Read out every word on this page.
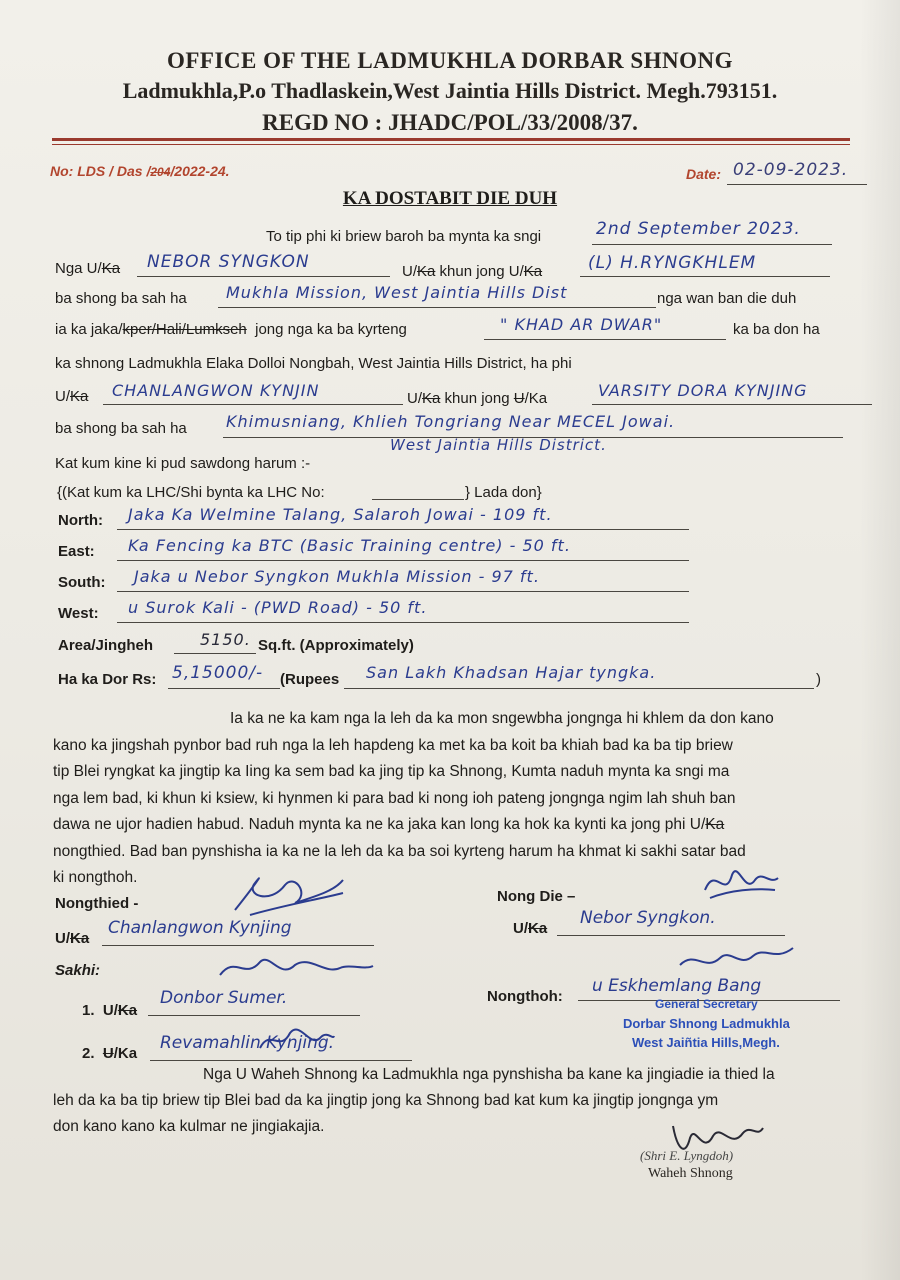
OFFICE OF THE LADMUKHLA DORBAR SHNONG
Ladmukhla,P.o Thadlaskein,West Jaintia Hills District. Megh.793151.
REGD NO : JHADC/POL/33/2008/37.
No: LDS / Das /204/2022-24.	Date: 02-09-2023.
KA DOSTABIT DIE DUH
To tip phi ki briew baroh ba mynta ka sngi	2nd September 2023.
Nga U/Ka NEBOR SYNGKON	U/Ka khun jong U/Ka	(L) H.RYNGKHLEM
ba shong ba sah ha Mukhla Mission, West Jaintia Hills Dist	nga wan ban die duh
ia ka jaka/kper/Hali/Lumkseh jong nga ka ba kyrteng	" KHAD AR DWAR"	ka ba don ha
ka shnong Ladmukhla Elaka Dolloi Nongbah, West Jaintia Hills District, ha phi
U/Ka CHANLANGWON KYNJIN	U/Ka khun jong U/Ka	VARSITY DORA KYNJING
ba shong ba sah ha Khimusniang, Khlieh Tongriang Near MECEL Jowai.
West Jaintia Hills District.
Kat kum kine ki pud sawdong harum :-
{(Kat kum ka LHC/Shi bynta ka LHC No:	} Lada don}
North: Jaka Ka Welmine Talang, Salaroh Jowai - 109 ft.
East: Ka Fencing ka BTC (Basic Training centre) - 50 ft.
South: Jaka u Nebor Syngkon Mukhla Mission - 97 ft.
West: u Surok Kali - (PWD Road) - 50 ft.
Area/Jingheh	5150. Sq.ft. (Approximately)
Ha ka Dor Rs: 5,15000/- (Rupees San Lakh Khadsan Hajar tyngka.	)

Ia ka ne ka kam nga la leh da ka mon sngewbha jongnga hi khlem da don kano

kano ka jingshah pynbor bad ruh nga la leh hapdeng ka met ka ba koit ba khiah bad ka ba tip briew

tip Blei ryngkat ka jingtip ka Iing ka sem bad ka jing tip ka Shnong, Kumta naduh mynta ka sngi ma

nga lem bad, ki khun ki ksiew, ki hynmen ki para bad ki nong ioh pateng jongnga ngim lah shuh ban

dawa ne ujor hadien habud. Naduh mynta ka ne ka jaka kan long ka hok ka kynti ka jong phi U/Ka

nongthied. Bad ban pynshisha ia ka ne la leh da ka ba soi kyrteng harum ha khmat ki sakhi satar bad

ki nongthoh.

Nongthied -
U/Ka
Chanlangwon Kynjing
Nong Die –
U/Ka
Nebor Syngkon.
Sakhi:
1. U/Ka
Donbor Sumer.
2. U/Ka
Revamahlin Kynjing.
Nongthoh:
u Eskhemlang Bang
General Secretary
Dorbar Shnong Ladmukhla
West Jaiñtia Hills,Megh.

Nga U Waheh Shnong ka Ladmukhla nga pynshisha ba kane ka jingiadie ia thied la

leh da ka ba tip briew tip Blei bad da ka jingtip jong ka Shnong bad kat kum ka jingtip jongnga ym

don kano kano ka kulmar ne jingiakajia.

(Shri E. Lyngdoh)
Waheh Shnong
